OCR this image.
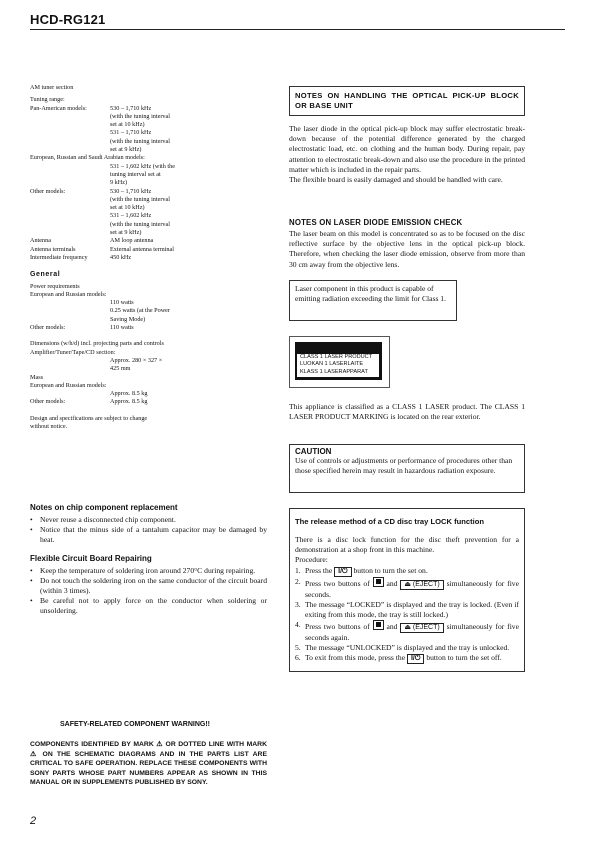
HCD-RG121
AM tuner section
Tuning range:
Pan-American models:	530 – 1,710 kHz
(with the tuning interval
set at 10 kHz)
531 – 1,710 kHz
(with the tuning interval
set at 9 kHz)
European, Russian and Saudi Arabian models:
531 – 1,602 kHz (with the
tuning interval set at
9 kHz)
Other models:	530 – 1,710 kHz
(with the tuning interval
set at 10 kHz)
531 – 1,602 kHz
(with the tuning interval
set at 9 kHz)
Antenna	AM loop antenna
Antenna terminals	External antenna terminal
Intermediate frequency	450 kHz
General
Power requirements
European and Russian models:
110 watts
0.25 watts (at the Power
Saving Mode)
Other models:	110 watts
Dimensions (w/h/d) incl. projecting parts and controls
Amplifier/Tuner/Tape/CD section:
Approx. 280 × 327 ×
425 mm
Mass
European and Russian models:
Approx. 8.5 kg
Other models:	Approx. 8.5 kg
Design and specifications are subject to change
without notice.
Notes on chip component replacement
• Never reuse a disconnected chip component.
• Notice that the minus side of a tantalum capacitor may be damaged by heat.
Flexible Circuit Board Repairing
• Keep the temperature of soldering iron around 270°C during repairing.
• Do not touch the soldering iron on the same conductor of the circuit board (within 3 times).
• Be careful not to apply force on the conductor when soldering or unsoldering.
SAFETY-RELATED COMPONENT WARNING!!
COMPONENTS IDENTIFIED BY MARK ⚠ OR DOTTED LINE WITH MARK ⚠ ON THE SCHEMATIC DIAGRAMS AND IN THE PARTS LIST ARE CRITICAL TO SAFE OPERATION. REPLACE THESE COMPONENTS WITH SONY PARTS WHOSE PART NUMBERS APPEAR AS SHOWN IN THIS MANUAL OR IN SUPPLEMENTS PUBLISHED BY SONY.
NOTES ON HANDLING THE OPTICAL PICK-UP BLOCK OR BASE UNIT

The laser diode in the optical pick-up block may suffer electrostatic break-down because of the potential difference generated by the charged electrostatic load, etc. on clothing and the human body. During repair, pay attention to electrostatic break-down and also use the procedure in the printed matter which is included in the repair parts.

The flexible board is easily damaged and should be handled with care.

NOTES ON LASER DIODE EMISSION CHECK

The laser beam on this model is concentrated so as to be focused on the disc reflective surface by the objective lens in the optical pick-up block. Therefore, when checking the laser diode emission, observe from more than 30 cm away from the objective lens.

Laser component in this product is capable of emitting radiation exceeding the limit for Class 1.

CLASS 1 LASER PRODUCT
LUOKAN 1 LASERLAITE
KLASS 1 LASERAPPARAT

This appliance is classified as a CLASS 1 LASER product. The CLASS 1 LASER PRODUCT MARKING is located on the rear exterior.

CAUTION

Use of controls or adjustments or performance of procedures other than those specified herein may result in hazardous radiation exposure.

The release method of a CD disc tray LOCK function

There is a disc lock function for the disc theft prevention for a demonstration at a shop front in this machine.

Procedure:
1. Press the I/⏻ button to turn the set on.
2. Press two buttons of and ⏏ (EJECT) simultaneously for five seconds.
3. The message “LOCKED” is displayed and the tray is locked. (Even if exiting from this mode, the tray is still locked.)
4. Press two buttons of and ⏏ (EJECT) simultaneously for five seconds again.
5. The message “UNLOCKED” is displayed and the tray is unlocked.
6. To exit from this mode, press the I/⏻ button to turn the set off.
2
